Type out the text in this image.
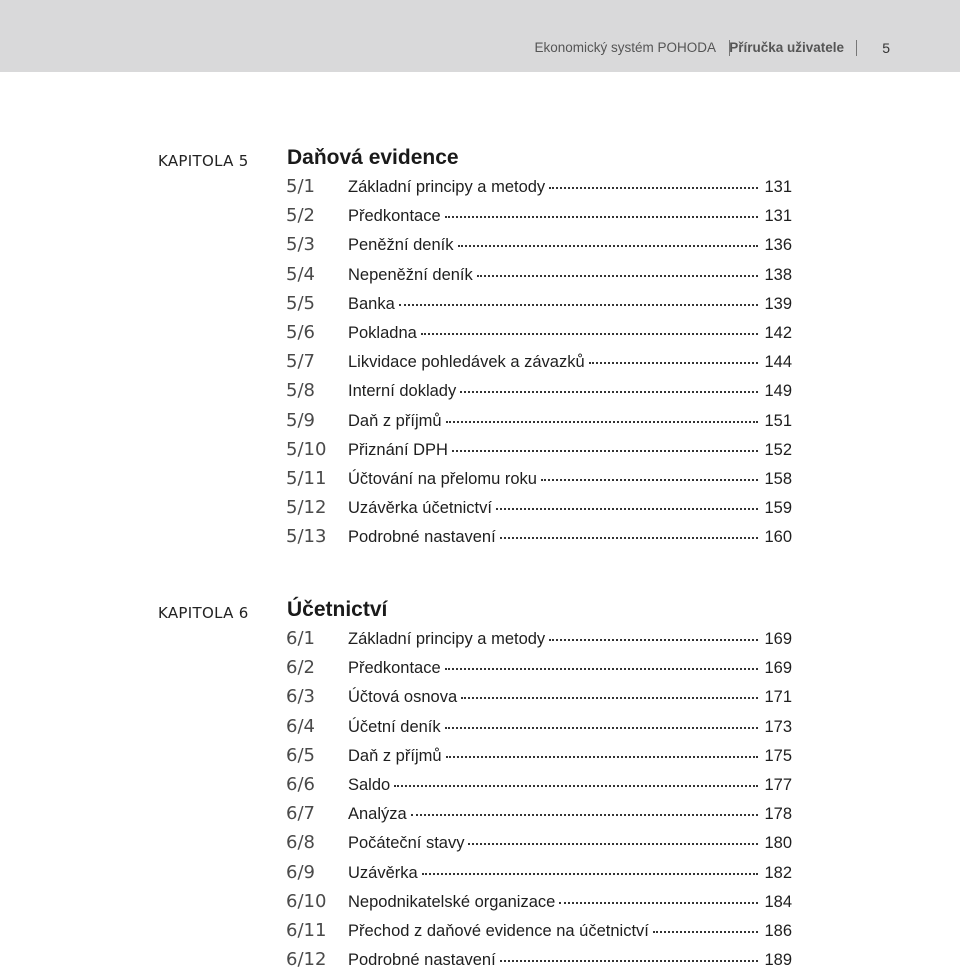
Ekonomický systém POHODA Příručka uživatele	5
KAPITOLA 5	Daňová evidence
5/1 Základní principy a metody	131
5/2 Předkontace	131
5/3 Peněžní deník	136
5/4 Nepeněžní deník	138
5/5 Banka	139
5/6 Pokladna	142
5/7 Likvidace pohledávek a závazků	144
5/8 Interní doklady	149
5/9 Daň z příjmů	151
5/10 Přiznání DPH	152
5/11 Účtování na přelomu roku	158
5/12 Uzávěrka účetnictví	159
5/13 Podrobné nastavení	160
KAPITOLA 6	Účetnictví
6/1 Základní principy a metody	169
6/2 Předkontace	169
6/3 Účtová osnova	171
6/4 Účetní deník	173
6/5 Daň z příjmů	175
6/6 Saldo	177
6/7 Analýza	178
6/8 Počáteční stavy	180
6/9 Uzávěrka	182
6/10 Nepodnikatelské organizace	184
6/11 Přechod z daňové evidence na účetnictví	186
6/12 Podrobné nastavení	189
